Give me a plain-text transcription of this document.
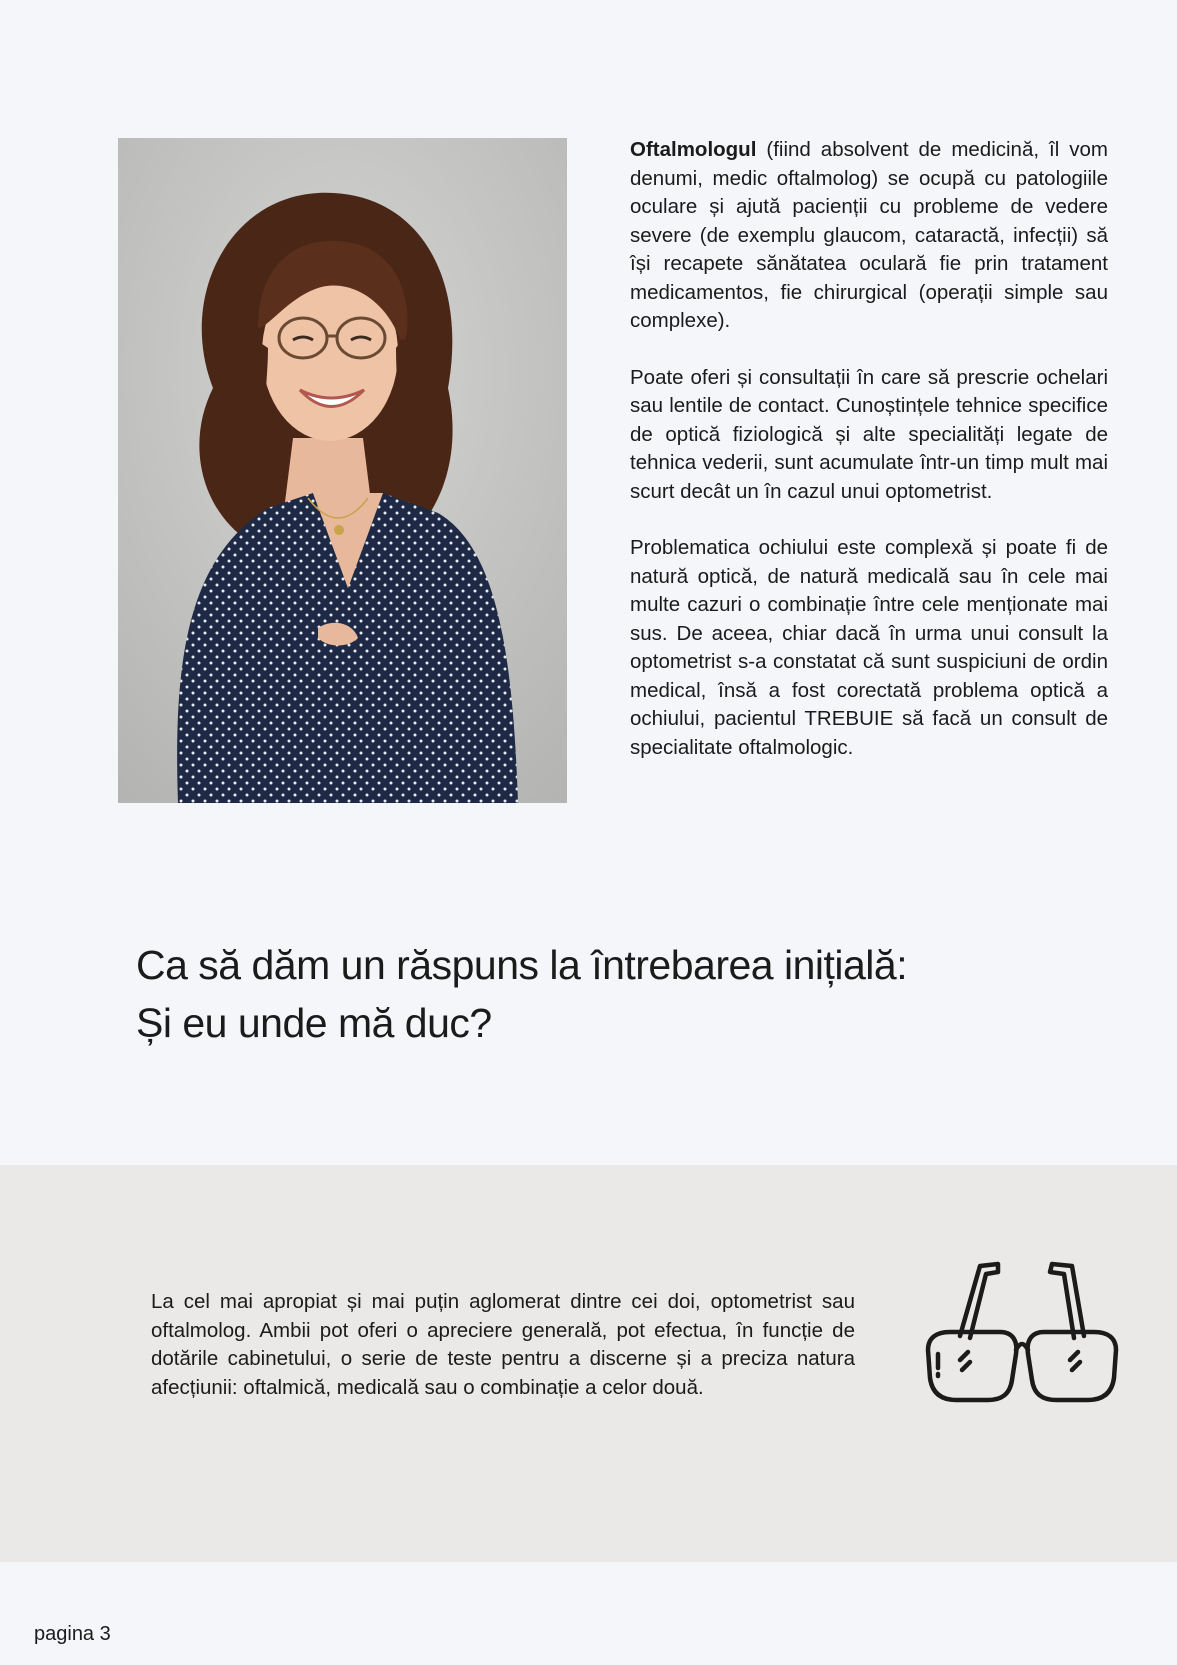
Oftalmologul (fiind absolvent de medicină, îl vom denumi, medic oftalmolog) se ocupă cu patologiile oculare și ajută pacienții cu probleme de vedere severe (de exemplu glaucom, cataractă, infecții) să își recapete sănătatea oculară fie prin tratament medicamentos, fie chirurgical (operații simple sau complexe).

Poate oferi și consultații în care să prescrie ochelari sau lentile de contact. Cunoștințele tehnice specifice de optică fiziologică și alte specialități legate de tehnica vederii, sunt acumulate într-un timp mult mai scurt decât un în cazul unui optometrist.

Problematica ochiului este complexă și poate fi de natură optică, de natură medicală sau în cele mai multe cazuri o combinație între cele menționate mai sus. De aceea, chiar dacă în urma unui consult la optometrist s-a constatat că sunt suspiciuni de ordin medical, însă a fost corectată problema optică a ochiului, pacientul TREBUIE să facă un consult de specialitate oftalmologic.

Ca să dăm un răspuns la întrebarea inițială:
Și eu unde mă duc?

La cel mai apropiat și mai puțin aglomerat dintre cei doi, optometrist sau oftalmolog. Ambii pot oferi o apreciere generală, pot efectua, în funcție de dotările cabinetului, o serie de teste pentru a discerne și a preciza natura afecțiunii: oftalmică, medicală sau o combinație a celor două.

pagina 3
